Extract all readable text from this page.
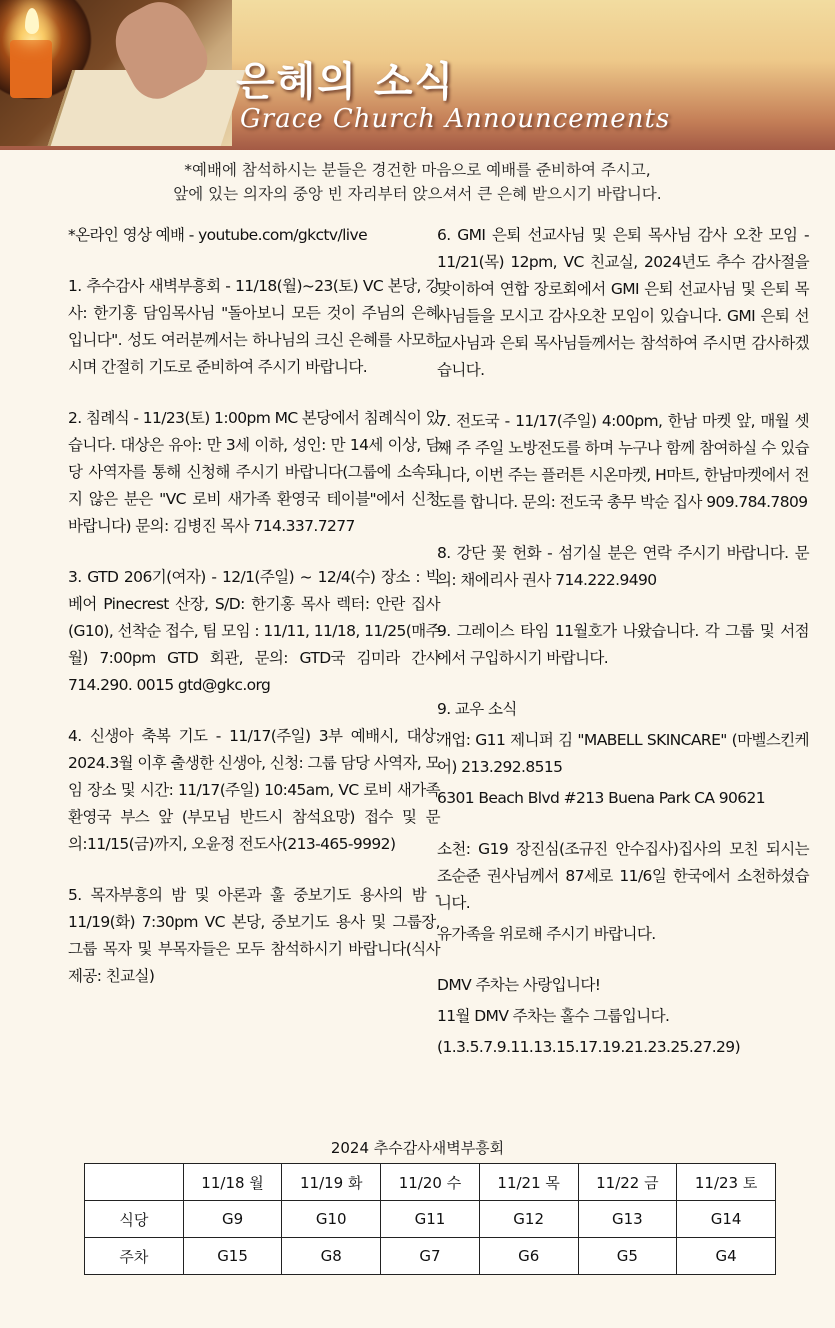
은혜의 소식
Grace Church Announcements
*예배에 참석하시는 분들은 경건한 마음으로 예배를 준비하여 주시고,
앞에 있는 의자의 중앙 빈 자리부터 앉으셔서 큰 은혜 받으시기 바랍니다.

*온라인 영상 예배 - youtube.com/gkctv/live

1. 추수감사 새벽부흥회 - 11/18(월)~23(토) VC 본당, 강사: 한기홍 담임목사님 "돌아보니 모든 것이 주님의 은혜입니다". 성도 여러분께서는 하나님의 크신 은혜를 사모하시며 간절히 기도로 준비하여 주시기 바랍니다.

2. 침례식 - 11/23(토) 1:00pm MC 본당에서 침례식이 있습니다. 대상은 유아: 만 3세 이하, 성인: 만 14세 이상, 담당 사역자를 통해 신청해 주시기 바랍니다(그룹에 소속되지 않은 분은 "VC 로비 새가족 환영국 테이블"에서 신청 바랍니다) 문의: 김병진 목사 714.337.7277

3. GTD 206기(여자) - 12/1(주일) ~ 12/4(수) 장소 : 빅베어 Pinecrest 산장, S/D: 한기홍 목사 렉터: 안란 집사(G10), 선착순 접수, 팀 모임 : 11/11, 11/18, 11/25(매주 월) 7:00pm GTD 회관, 문의: GTD국 김미라 간사714.290. 0015 gtd@gkc.org

4. 신생아 축복 기도 - 11/17(주일) 3부 예배시, 대상: 2024.3월 이후 출생한 신생아, 신청: 그룹 담당 사역자, 모임 장소 및 시간: 11/17(주일) 10:45am, VC 로비 새가족 환영국 부스 앞 (부모님 반드시 참석요망) 접수 및 문의:11/15(금)까지, 오윤정 전도사(213-465-9992)

5. 목자부흥의 밤 및 아론과 훌 중보기도 용사의 밤 - 11/19(화) 7:30pm VC 본당, 중보기도 용사 및 그룹장, 그룹 목자 및 부목자들은 모두 참석하시기 바랍니다(식사제공: 친교실)

6. GMI 은퇴 선교사님 및 은퇴 목사님 감사 오찬 모임 - 11/21(목) 12pm, VC 친교실, 2024년도 추수 감사절을 맞이하여 연합 장로회에서 GMI 은퇴 선교사님 및 은퇴 목사님들을 모시고 감사오찬 모임이 있습니다. GMI 은퇴 선교사님과 은퇴 목사님들께서는 참석하여 주시면 감사하겠습니다.

7. 전도국 - 11/17(주일) 4:00pm, 한남 마켓 앞, 매월 셋째 주 주일 노방전도를 하며 누구나 함께 참여하실 수 있습니다, 이번 주는 플러튼 시온마켓, H마트, 한남마켓에서 전도를 합니다. 문의: 전도국 총무 박순 집사 909.784.7809

8. 강단 꽃 헌화 - 섬기실 분은 연락 주시기 바랍니다. 문의: 채에리사 권사 714.222.9490

9. 그레이스 타임 11월호가 나왔습니다. 각 그룹 및 서점에서 구입하시기 바랍니다.

9. 교우 소식

개업: G11 제니퍼 김 "MABELL SKINCARE" (마벨스킨케어) 213.292.8515

6301 Beach Blvd #213 Buena Park CA 90621

소천: G19 장진심(조규진 안수집사)집사의 모친 되시는 조순준 권사님께서 87세로 11/6일 한국에서 소천하셨습니다.

유가족을 위로해 주시기 바랍니다.

DMV 주차는 사랑입니다!

11월 DMV 주차는 홀수 그룹입니다.

(1.3.5.7.9.11.13.15.17.19.21.23.25.27.29)

2024 추수감사새벽부흥회
	11/18 월	11/19 화	11/20 수	11/21 목	11/22 금	11/23 토
식당	G9	G10	G11	G12	G13	G14
주차	G15	G8	G7	G6	G5	G4
